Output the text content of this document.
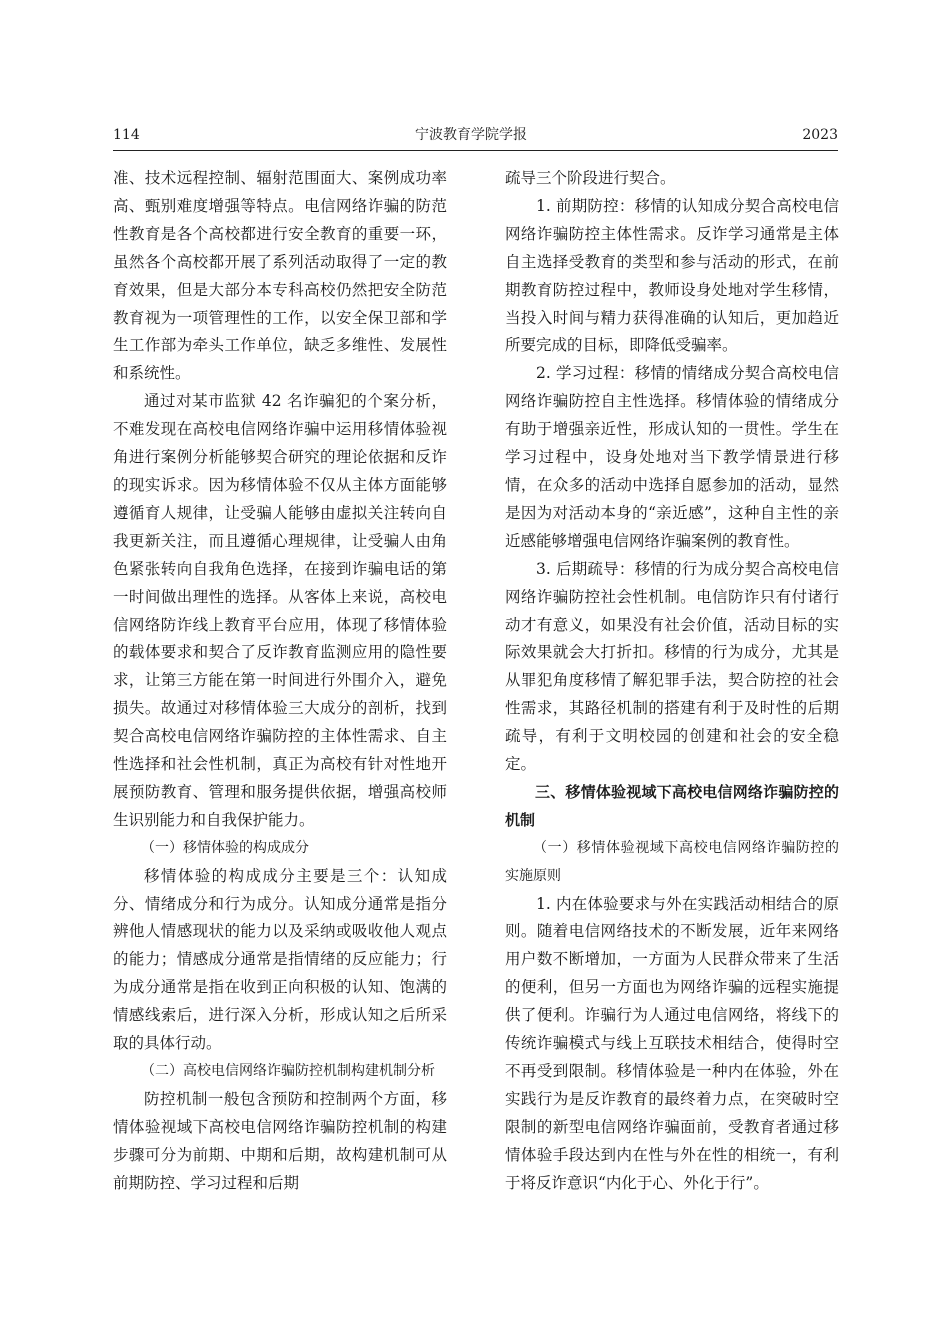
114	宁波教育学院学报	2023

准、技术远程控制、辐射范围面大、案例成功率高、甄别难度增强等特点。电信网络诈骗的防范性教育是各个高校都进行安全教育的重要一环，虽然各个高校都开展了系列活动取得了一定的教育效果，但是大部分本专科高校仍然把安全防范教育视为一项管理性的工作，以安全保卫部和学生工作部为牵头工作单位，缺乏多维性、发展性和系统性。

通过对某市监狱 42 名诈骗犯的个案分析，不难发现在高校电信网络诈骗中运用移情体验视角进行案例分析能够契合研究的理论依据和反诈的现实诉求。因为移情体验不仅从主体方面能够遵循育人规律，让受骗人能够由虚拟关注转向自我更新关注，而且遵循心理规律，让受骗人由角色紧张转向自我角色选择，在接到诈骗电话的第一时间做出理性的选择。从客体上来说，高校电信网络防诈线上教育平台应用，体现了移情体验的载体要求和契合了反诈教育监测应用的隐性要求，让第三方能在第一时间进行外围介入，避免损失。故通过对移情体验三大成分的剖析，找到契合高校电信网络诈骗防控的主体性需求、自主性选择和社会性机制，真正为高校有针对性地开展预防教育、管理和服务提供依据，增强高校师生识别能力和自我保护能力。

（一）移情体验的构成成分

移情体验的构成成分主要是三个：认知成分、情绪成分和行为成分。认知成分通常是指分辨他人情感现状的能力以及采纳或吸收他人观点的能力；情感成分通常是指情绪的反应能力；行为成分通常是指在收到正向积极的认知、饱满的情感线索后，进行深入分析，形成认知之后所采取的具体行动。

（二）高校电信网络诈骗防控机制构建机制分析

防控机制一般包含预防和控制两个方面，移情体验视域下高校电信网络诈骗防控机制的构建步骤可分为前期、中期和后期，故构建机制可从前期防控、学习过程和后期

疏导三个阶段进行契合。

1. 前期防控：移情的认知成分契合高校电信网络诈骗防控主体性需求。反诈学习通常是主体自主选择受教育的类型和参与活动的形式，在前期教育防控过程中，教师设身处地对学生移情，当投入时间与精力获得准确的认知后，更加趋近所要完成的目标，即降低受骗率。

2. 学习过程：移情的情绪成分契合高校电信网络诈骗防控自主性选择。移情体验的情绪成分有助于增强亲近性，形成认知的一贯性。学生在学习过程中，设身处地对当下教学情景进行移情，在众多的活动中选择自愿参加的活动，显然是因为对活动本身的“亲近感”，这种自主性的亲近感能够增强电信网络诈骗案例的教育性。

3. 后期疏导：移情的行为成分契合高校电信网络诈骗防控社会性机制。电信防诈只有付诸行动才有意义，如果没有社会价值，活动目标的实际效果就会大打折扣。移情的行为成分，尤其是从罪犯角度移情了解犯罪手法，契合防控的社会性需求，其路径机制的搭建有利于及时性的后期疏导，有利于文明校园的创建和社会的安全稳定。

三、移情体验视域下高校电信网络诈骗防控的机制

（一）移情体验视域下高校电信网络诈骗防控的实施原则

1. 内在体验要求与外在实践活动相结合的原则。随着电信网络技术的不断发展，近年来网络用户数不断增加，一方面为人民群众带来了生活的便利，但另一方面也为网络诈骗的远程实施提供了便利。诈骗行为人通过电信网络，将线下的传统诈骗模式与线上互联技术相结合，使得时空不再受到限制。移情体验是一种内在体验，外在实践行为是反诈教育的最终着力点，在突破时空限制的新型电信网络诈骗面前，受教育者通过移情体验手段达到内在性与外在性的相统一，有利于将反诈意识“内化于心、外化于行”。
